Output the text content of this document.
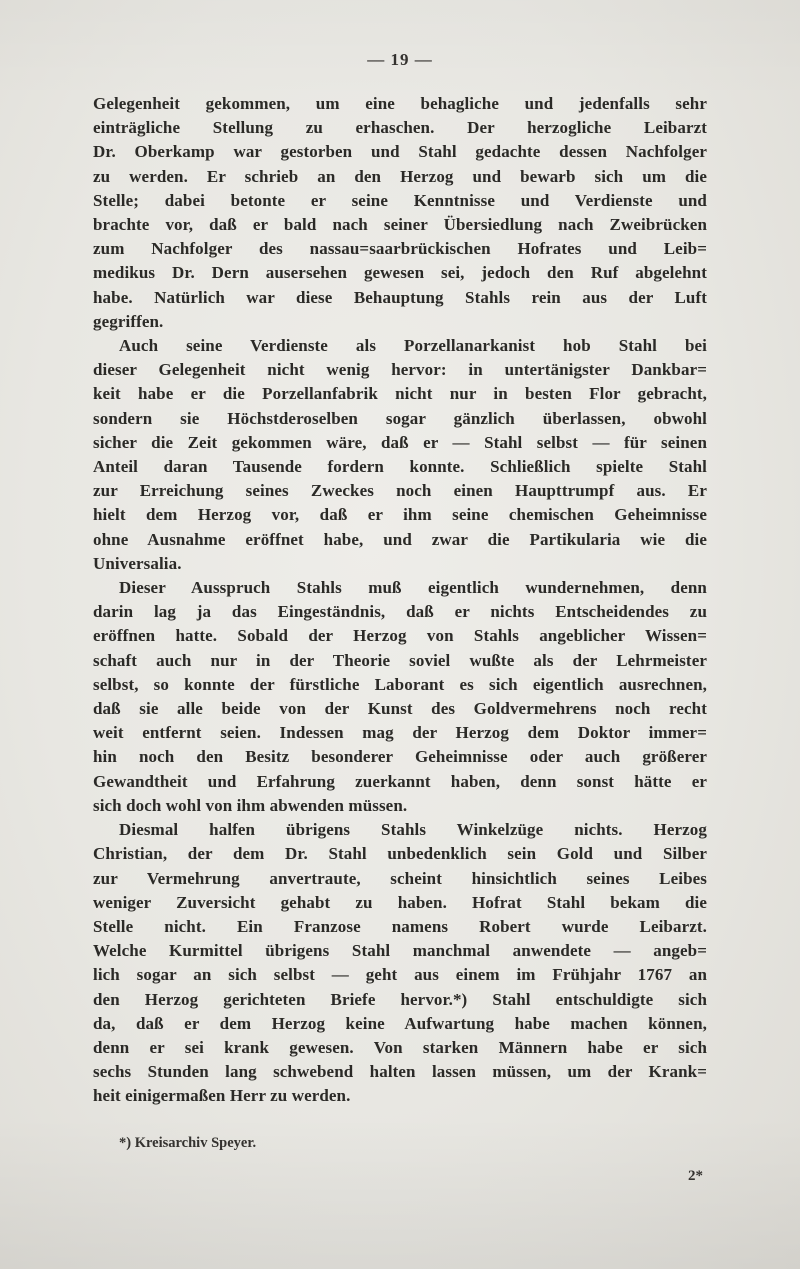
— 19 —
Gelegenheit gekommen, um eine behagliche und jedenfalls sehr
einträgliche Stellung zu erhaschen. Der herzogliche Leibarzt
Dr. Oberkamp war gestorben und Stahl gedachte dessen Nachfolger
zu werden. Er schrieb an den Herzog und bewarb sich um die
Stelle; dabei betonte er seine Kenntnisse und Verdienste und
brachte vor, daß er bald nach seiner Übersiedlung nach Zweibrücken
zum Nachfolger des nassau=saarbrückischen Hofrates und Leib=
medikus Dr. Dern ausersehen gewesen sei, jedoch den Ruf abgelehnt
habe. Natürlich war diese Behauptung Stahls rein aus der Luft
gegriffen.
Auch seine Verdienste als Porzellanarkanist hob Stahl bei
dieser Gelegenheit nicht wenig hervor: in untertänigster Dankbar=
keit habe er die Porzellanfabrik nicht nur in besten Flor gebracht,
sondern sie Höchstderoselben sogar gänzlich überlassen, obwohl
sicher die Zeit gekommen wäre, daß er — Stahl selbst — für seinen
Anteil daran Tausende fordern konnte. Schließlich spielte Stahl
zur Erreichung seines Zweckes noch einen Haupttrumpf aus. Er
hielt dem Herzog vor, daß er ihm seine chemischen Geheimnisse
ohne Ausnahme eröffnet habe, und zwar die Partikularia wie die
Universalia.
Dieser Ausspruch Stahls muß eigentlich wundernehmen, denn
darin lag ja das Eingeständnis, daß er nichts Entscheidendes zu
eröffnen hatte. Sobald der Herzog von Stahls angeblicher Wissen=
schaft auch nur in der Theorie soviel wußte als der Lehrmeister
selbst, so konnte der fürstliche Laborant es sich eigentlich ausrechnen,
daß sie alle beide von der Kunst des Goldvermehrens noch recht
weit entfernt seien. Indessen mag der Herzog dem Doktor immer=
hin noch den Besitz besonderer Geheimnisse oder auch größerer
Gewandtheit und Erfahrung zuerkannt haben, denn sonst hätte er
sich doch wohl von ihm abwenden müssen.
Diesmal halfen übrigens Stahls Winkelzüge nichts. Herzog
Christian, der dem Dr. Stahl unbedenklich sein Gold und Silber
zur Vermehrung anvertraute, scheint hinsichtlich seines Leibes
weniger Zuversicht gehabt zu haben. Hofrat Stahl bekam die
Stelle nicht. Ein Franzose namens Robert wurde Leibarzt.
Welche Kurmittel übrigens Stahl manchmal anwendete — angeb=
lich sogar an sich selbst — geht aus einem im Frühjahr 1767 an
den Herzog gerichteten Briefe hervor.*) Stahl entschuldigte sich
da, daß er dem Herzog keine Aufwartung habe machen können,
denn er sei krank gewesen. Von starken Männern habe er sich
sechs Stunden lang schwebend halten lassen müssen, um der Krank=
heit einigermaßen Herr zu werden.
*) Kreisarchiv Speyer.
2*
